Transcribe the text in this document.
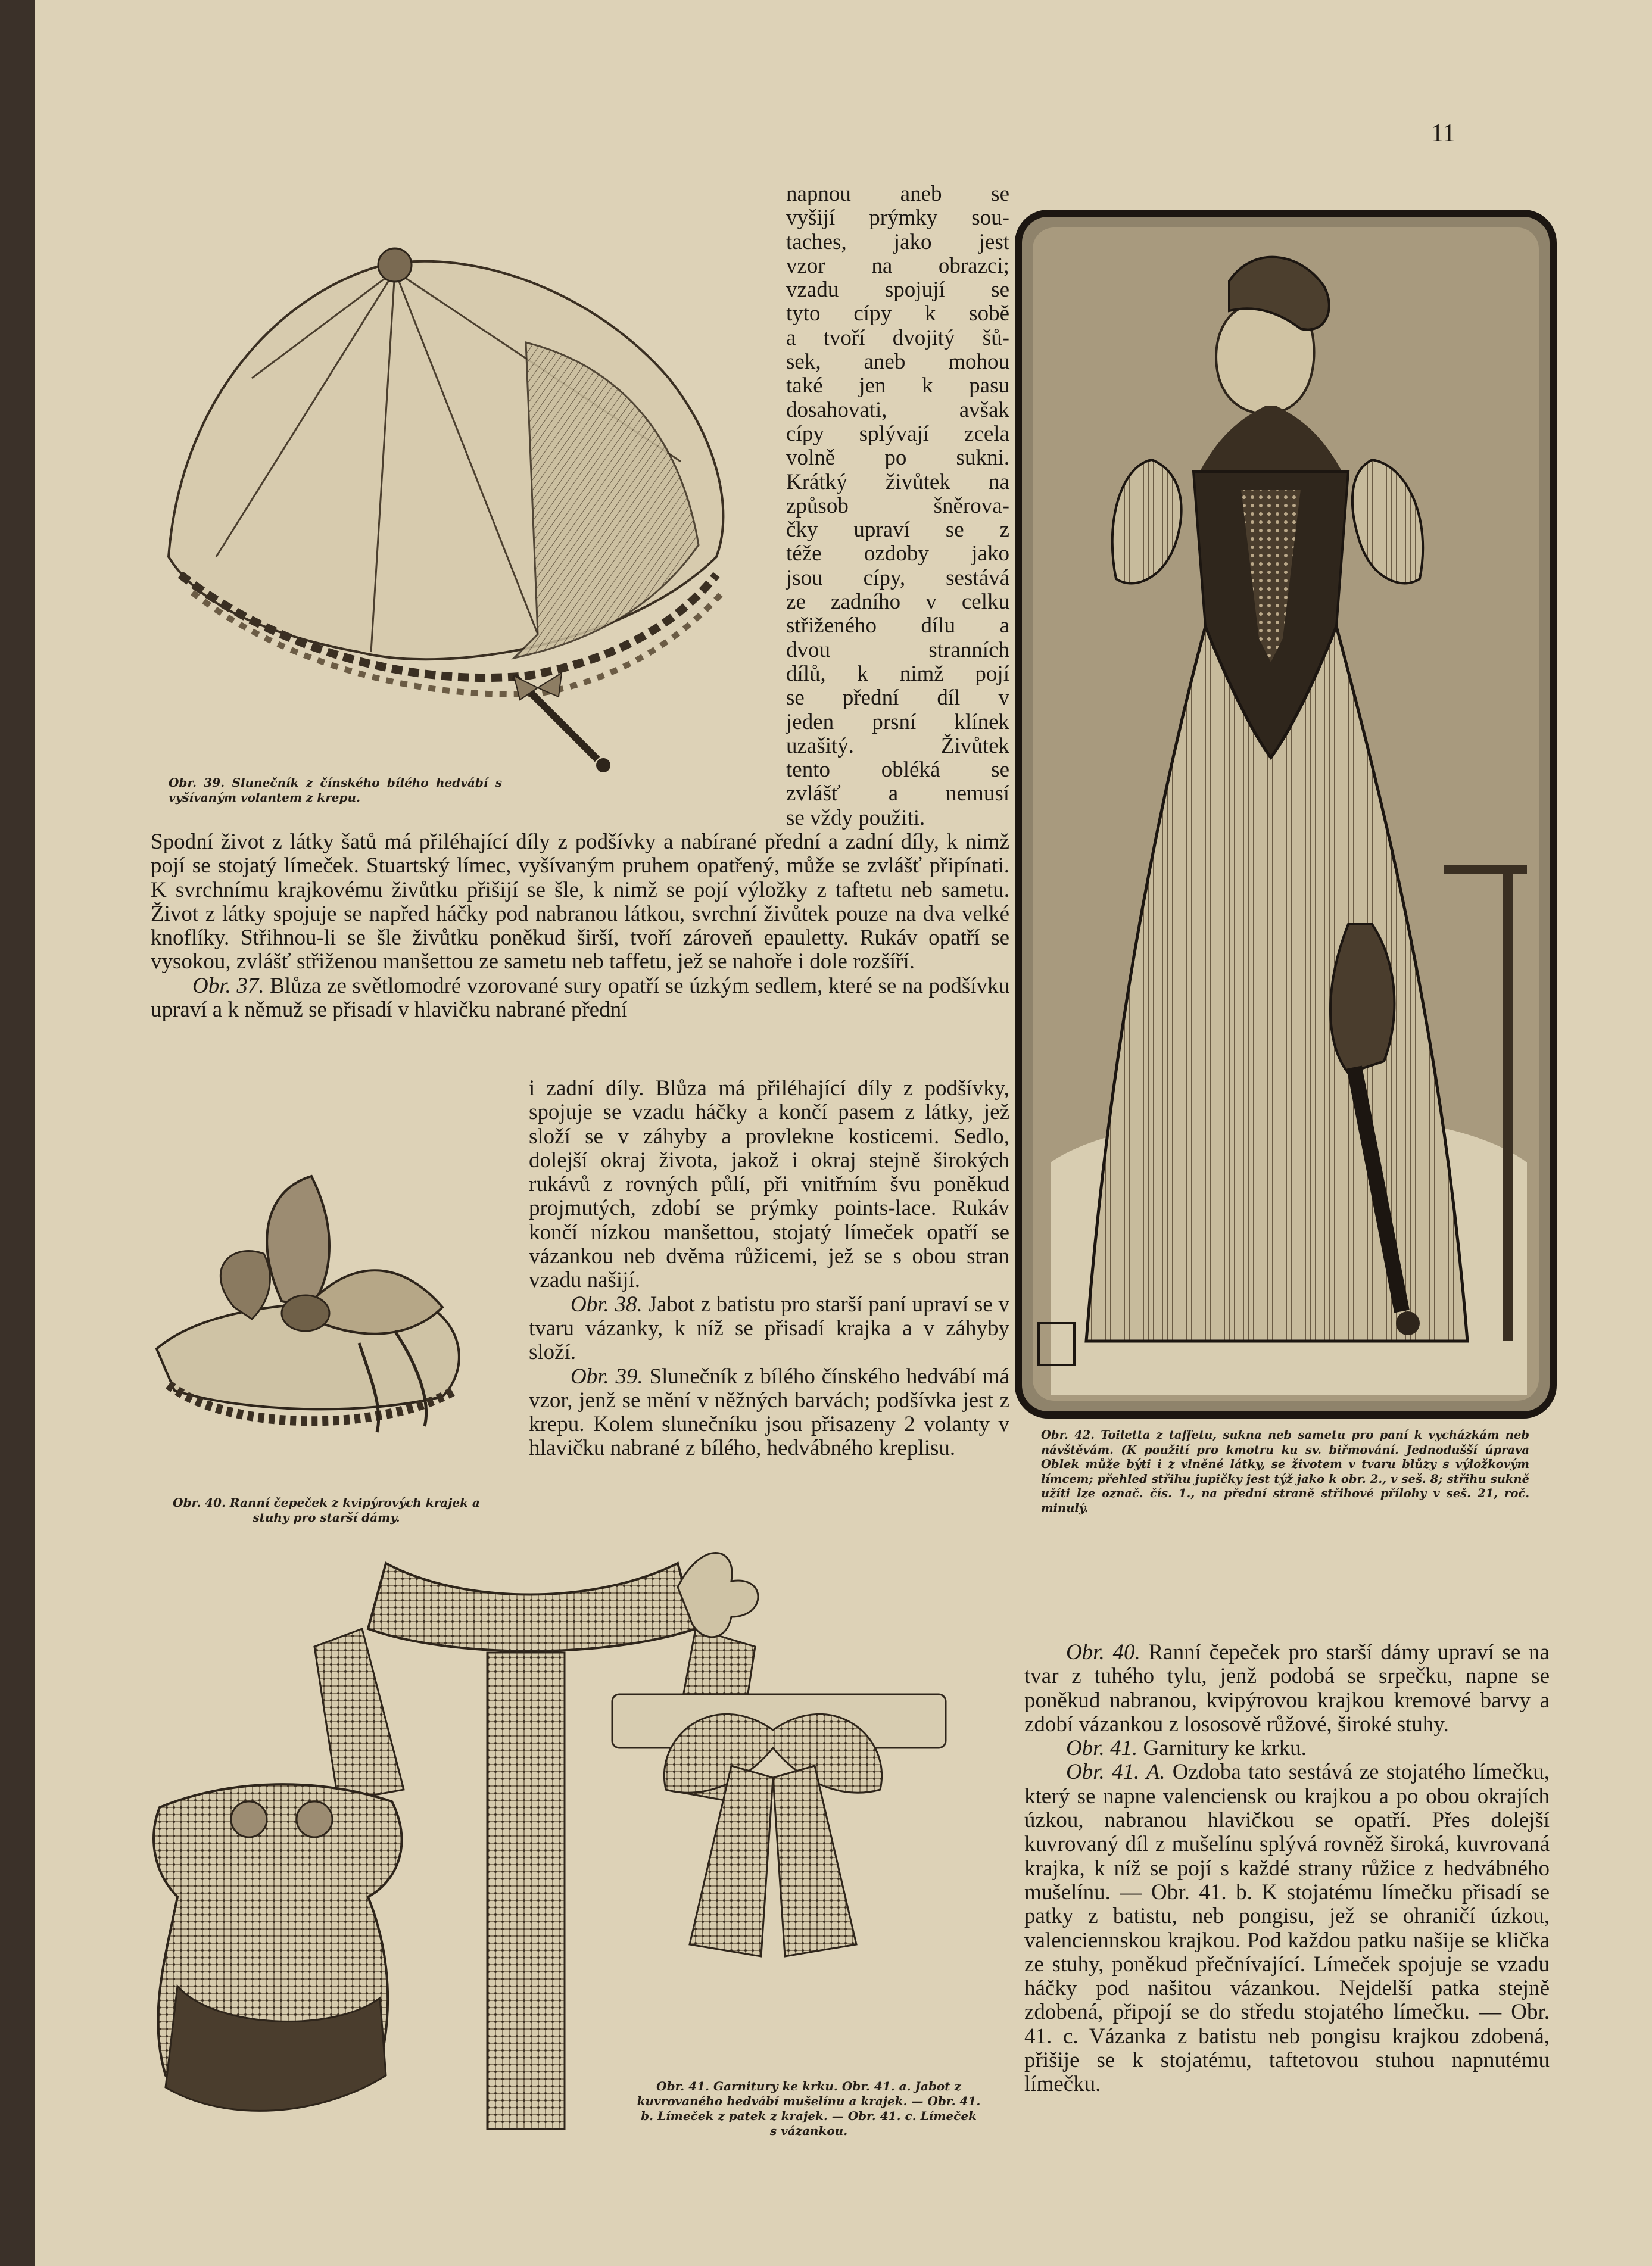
11
Obr. 39. Slunečník z čínského bílého hedvábí s vyšívaným volantem z krepu.
napnou aneb se
vyšijí prýmky sou-
taches, jako jest
vzor na obrazci;
vzadu spojují se
tyto cípy k sobě
a tvoří dvojitý šů-
sek, aneb mohou
také jen k pasu
dosahovati, avšak
cípy splývají zcela
volně po sukni.
Krátký živůtek na
způsob šněrova-
čky upraví se z
téže ozdoby jako
jsou cípy, sestává
ze zadního v celku
střiženého dílu a
dvou stranních
dílů, k nimž pojí
se přední díl v
jeden prsní klínek
uzašitý. Živůtek
tento obléká se
zvlášť a nemusí
se vždy použiti.

Spodní život z látky šatů má přiléhající díly z podšívky a nabírané přední a zadní díly, k nimž pojí se stojatý límeček. Stuartský límec, vyšívaným pruhem opatřený, může se zvlášť připínati. K svrchnímu krajkovému živůtku přišijí se šle, k nimž se pojí výložky z taftetu neb sametu. Život z látky spojuje se napřed háčky pod nabranou látkou, svrchní živůtek pouze na dva velké knoflíky. Střihnou-li se šle živůtku poněkud širší, tvoří zároveň epauletty. Rukáv opatří se vysokou, zvlášť střiženou manšettou ze sametu neb taffetu, jež se nahoře i dole rozšíří.

Obr. 37. Blůza ze světlomodré vzorované sury opatří se úzkým sedlem, které se na podšívku upraví a k němuž se přisadí v hlavičku nabrané přední

Obr. 40. Ranní čepeček z kvipýrových krajek a stuhy pro starší dámy.

i zadní díly. Blůza má přiléhající díly z podšívky, spojuje se vzadu háčky a končí pasem z látky, jež složí se v záhyby a provlekne kosticemi. Sedlo, dolejší okraj života, jakož i okraj stejně širokých rukávů z rovných půlí, při vnitřním švu poněkud projmutých, zdobí se prýmky points-lace. Rukáv končí nízkou manšettou, stojatý límeček opatří se vázankou neb dvěma růžicemi, jež se s obou stran vzadu našijí.

Obr. 38. Jabot z batistu pro starší paní upraví se v tvaru vázanky, k níž se přisadí krajka a v záhyby složí.

Obr. 39. Slunečník z bílého čínského hedvábí má vzor, jenž se mění v něžných barvách; podšívka jest z krepu. Kolem slunečníku jsou přisazeny 2 volanty v hlavičku nabrané z bílého, hedvábného kreplisu.

Obr. 42. Toiletta z taffetu, sukna neb sametu pro paní k vycházkám neb návštěvám. (K použití pro kmotru ku sv. biřmování. Jednodušší úprava Oblek může býti i z vlněné látky, se životem v tvaru blůzy s výložkovým límcem; přehled střihu jupičky jest týž jako k obr. 2., v seš. 8; střihu sukně užíti lze označ. čís. 1., na přední straně střihové přílohy v seš. 21, roč. minulý.
Obr. 41. Garnitury ke krku. Obr. 41. a. Jabot z kuvrovaného hedvábí mušelínu a krajek. — Obr. 41. b. Límeček z patek z krajek. — Obr. 41. c. Límeček s vázankou.

Obr. 40. Ranní čepeček pro starší dámy upraví se na tvar z tuhého tylu, jenž podobá se srpečku, napne se poněkud nabranou, kvipýrovou krajkou kremové barvy a zdobí vázankou z lososově růžové, široké stuhy.

Obr. 41. Garnitury ke krku.

Obr. 41. A. Ozdoba tato sestává ze stojatého límečku, který se napne valenciensk ou krajkou a po obou okrajích úzkou, nabranou hlavičkou se opatří. Přes dolejší kuvrovaný díl z mušelínu splývá rovněž široká, kuvrovaná krajka, k níž se pojí s každé strany růžice z hedvábného mušelínu. — Obr. 41. b. K stojatému límečku přisadí se patky z batistu, neb pongisu, jež se ohraničí úzkou, valenciennskou krajkou. Pod každou patku našije se klička ze stuhy, poněkud přečnívající. Límeček spojuje se vzadu háčky pod našitou vázankou. Nejdelší patka stejně zdobená, připojí se do středu stojatého límečku. — Obr. 41. c. Vázanka z batistu neb pongisu krajkou zdobená, přišije se k stojatému, taftetovou stuhou napnutému límečku.
